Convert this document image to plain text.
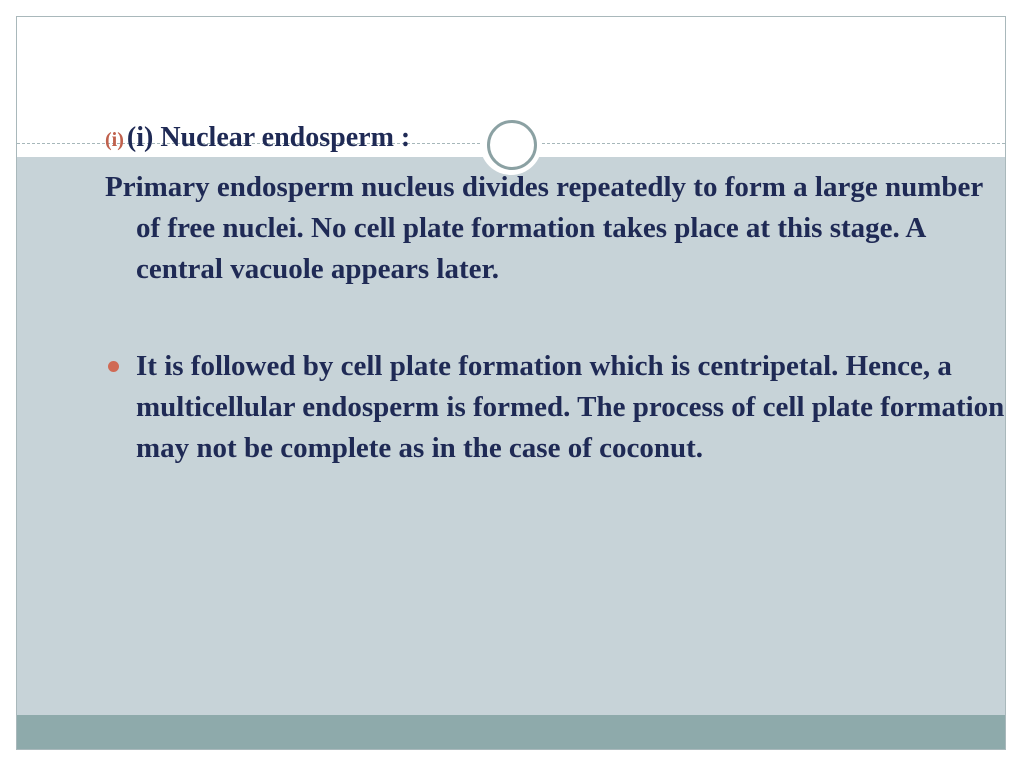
(i) (i) Nuclear endosperm :
Primary endosperm nucleus divides repeatedly to form a large number of free nuclei. No cell plate formation takes place at this stage. A central vacuole appears later.
It is followed by cell plate formation which is centripetal. Hence, a multicellular endosperm is formed. The process of cell plate formation may not be complete as in the case of coconut.
